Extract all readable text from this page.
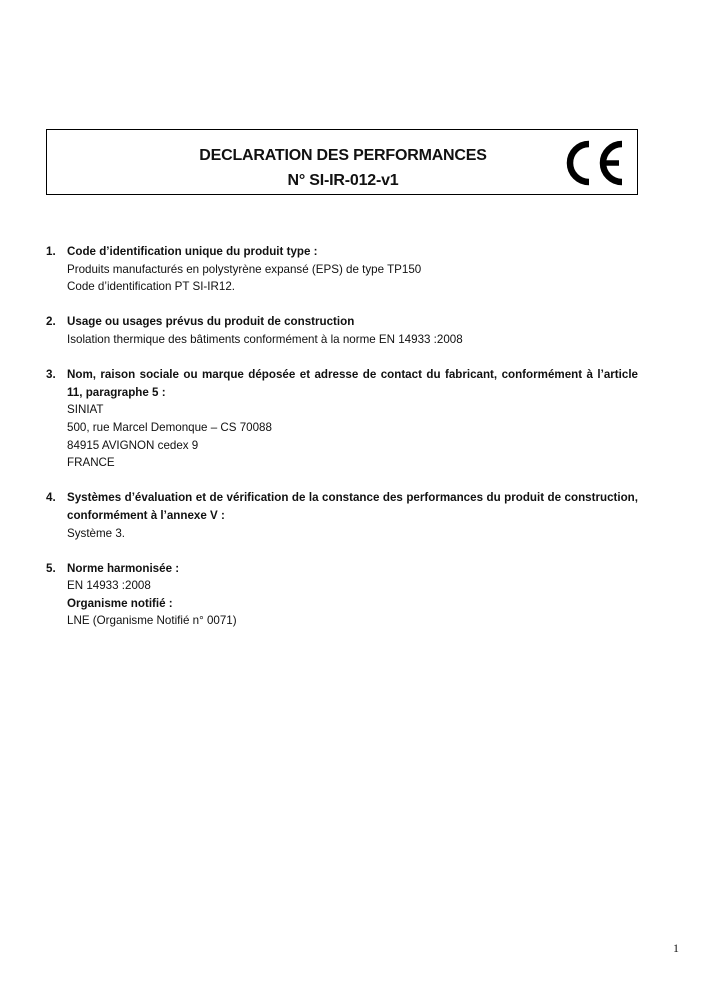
DECLARATION DES PERFORMANCES
N° SI-IR-012-v1
1. Code d’identification unique du produit type :
Produits manufacturés en polystyrène expansé (EPS) de type TP150
Code d’identification PT SI-IR12.
2. Usage ou usages prévus du produit de construction
Isolation thermique des bâtiments conformément à la norme EN 14933 :2008
3. Nom, raison sociale ou marque déposée et adresse de contact du fabricant, conformément à l’article 11, paragraphe 5 :
SINIAT
500, rue Marcel Demonque – CS 70088
84915 AVIGNON cedex 9
FRANCE
4. Systèmes d’évaluation et de vérification de la constance des performances du produit de construction, conformément à l’annexe V :
Système 3.
5. Norme harmonisée :
EN 14933 :2008
Organisme notifié :
LNE (Organisme Notifié n° 0071)
1
